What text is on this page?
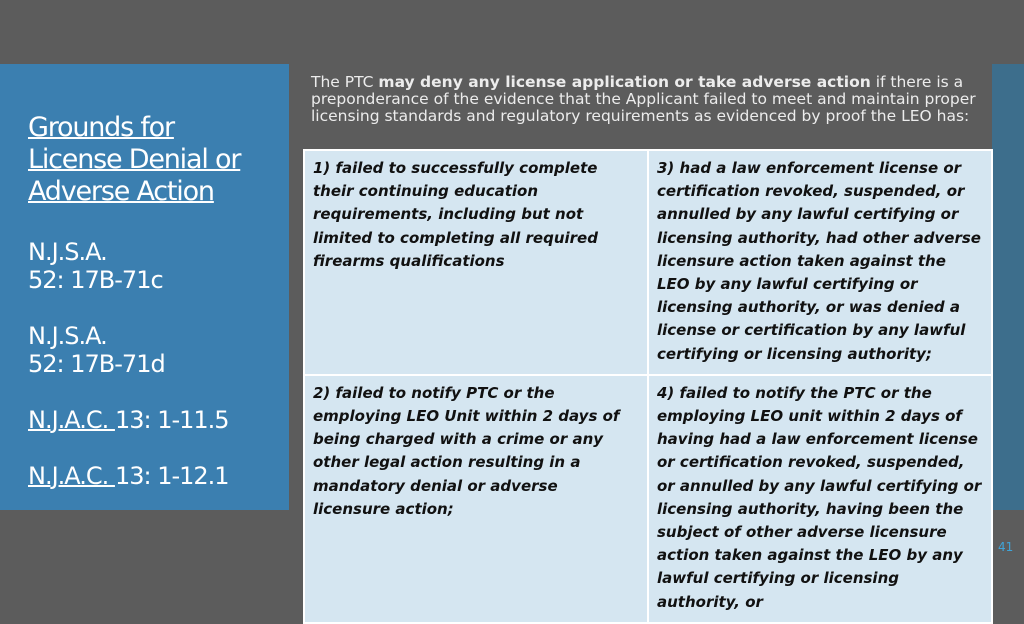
Grounds for
License Denial or
Adverse Action
N.J.S.A.
52: 17B-71c
N.J.S.A.
52: 17B-71d
N.J.A.C. 13: 1-11.5
N.J.A.C. 13: 1-12.1
The PTC may deny any license application or take adverse action if there is a preponderance of the evidence that the Applicant failed to meet and maintain proper licensing standards and regulatory requirements as evidenced by proof the LEO has:
1) failed to successfully complete their continuing education requirements, including but not limited to completing all required firearms qualifications	3) had a law enforcement license or certification revoked, suspended, or annulled by any lawful certifying or licensing authority, had other adverse licensure action taken against the LEO by any lawful certifying or licensing authority, or was denied a license or certification by any lawful certifying or licensing authority;
2) failed to notify PTC or the employing LEO Unit within 2 days of being charged with a crime or any other legal action resulting in a mandatory denial or adverse licensure action;	4) failed to notify the PTC or the employing LEO unit within 2 days of having had a law enforcement license or certification revoked, suspended, or annulled by any lawful certifying or licensing authority, having been the subject of other adverse licensure action taken against the LEO by any lawful certifying or licensing authority, or
41
